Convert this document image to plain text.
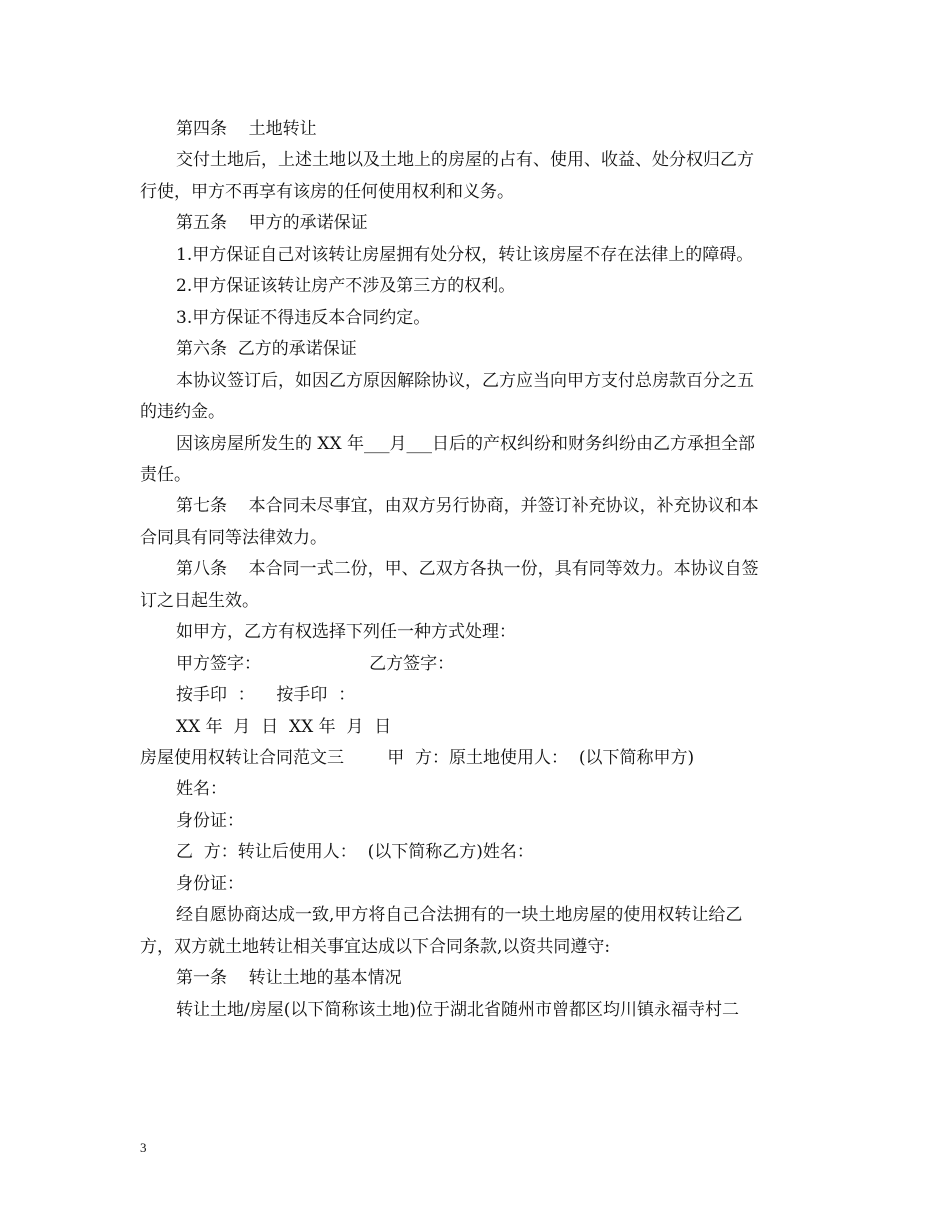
第四条    土地转让
交付土地后，上述土地以及土地上的房屋的占有、使用、收益、处分权归乙方
行使，甲方不再享有该房的任何使用权利和义务。
第五条    甲方的承诺保证
1.甲方保证自己对该转让房屋拥有处分权，转让该房屋不存在法律上的障碍。
2.甲方保证该转让房产不涉及第三方的权利。
3.甲方保证不得违反本合同约定。
第六条  乙方的承诺保证
本协议签订后，如因乙方原因解除协议，乙方应当向甲方支付总房款百分之五
的违约金。
因该房屋所发生的 XX 年___月___日后的产权纠纷和财务纠纷由乙方承担全部
责任。
第七条    本合同未尽事宜，由双方另行协商，并签订补充协议，补充协议和本
合同具有同等法律效力。
第八条    本合同一式二份，甲、乙双方各执一份，具有同等效力。本协议自签
订之日起生效。
如甲方，乙方有权选择下列任一种方式处理：
甲方签字：                    乙方签字：
按手印  ：    按手印  ：
XX 年  月  日  XX 年  月  日
房屋使用权转让合同范文三        甲  方：原土地使用人：  (以下简称甲方)
姓名：
身份证：
乙  方：转让后使用人：  (以下简称乙方)姓名：
身份证：
经自愿协商达成一致,甲方将自己合法拥有的一块土地房屋的使用权转让给乙
方，双方就土地转让相关事宜达成以下合同条款,以资共同遵守:
第一条    转让土地的基本情况
转让土地/房屋(以下简称该土地)位于湖北省随州市曾都区均川镇永福寺村二
3
